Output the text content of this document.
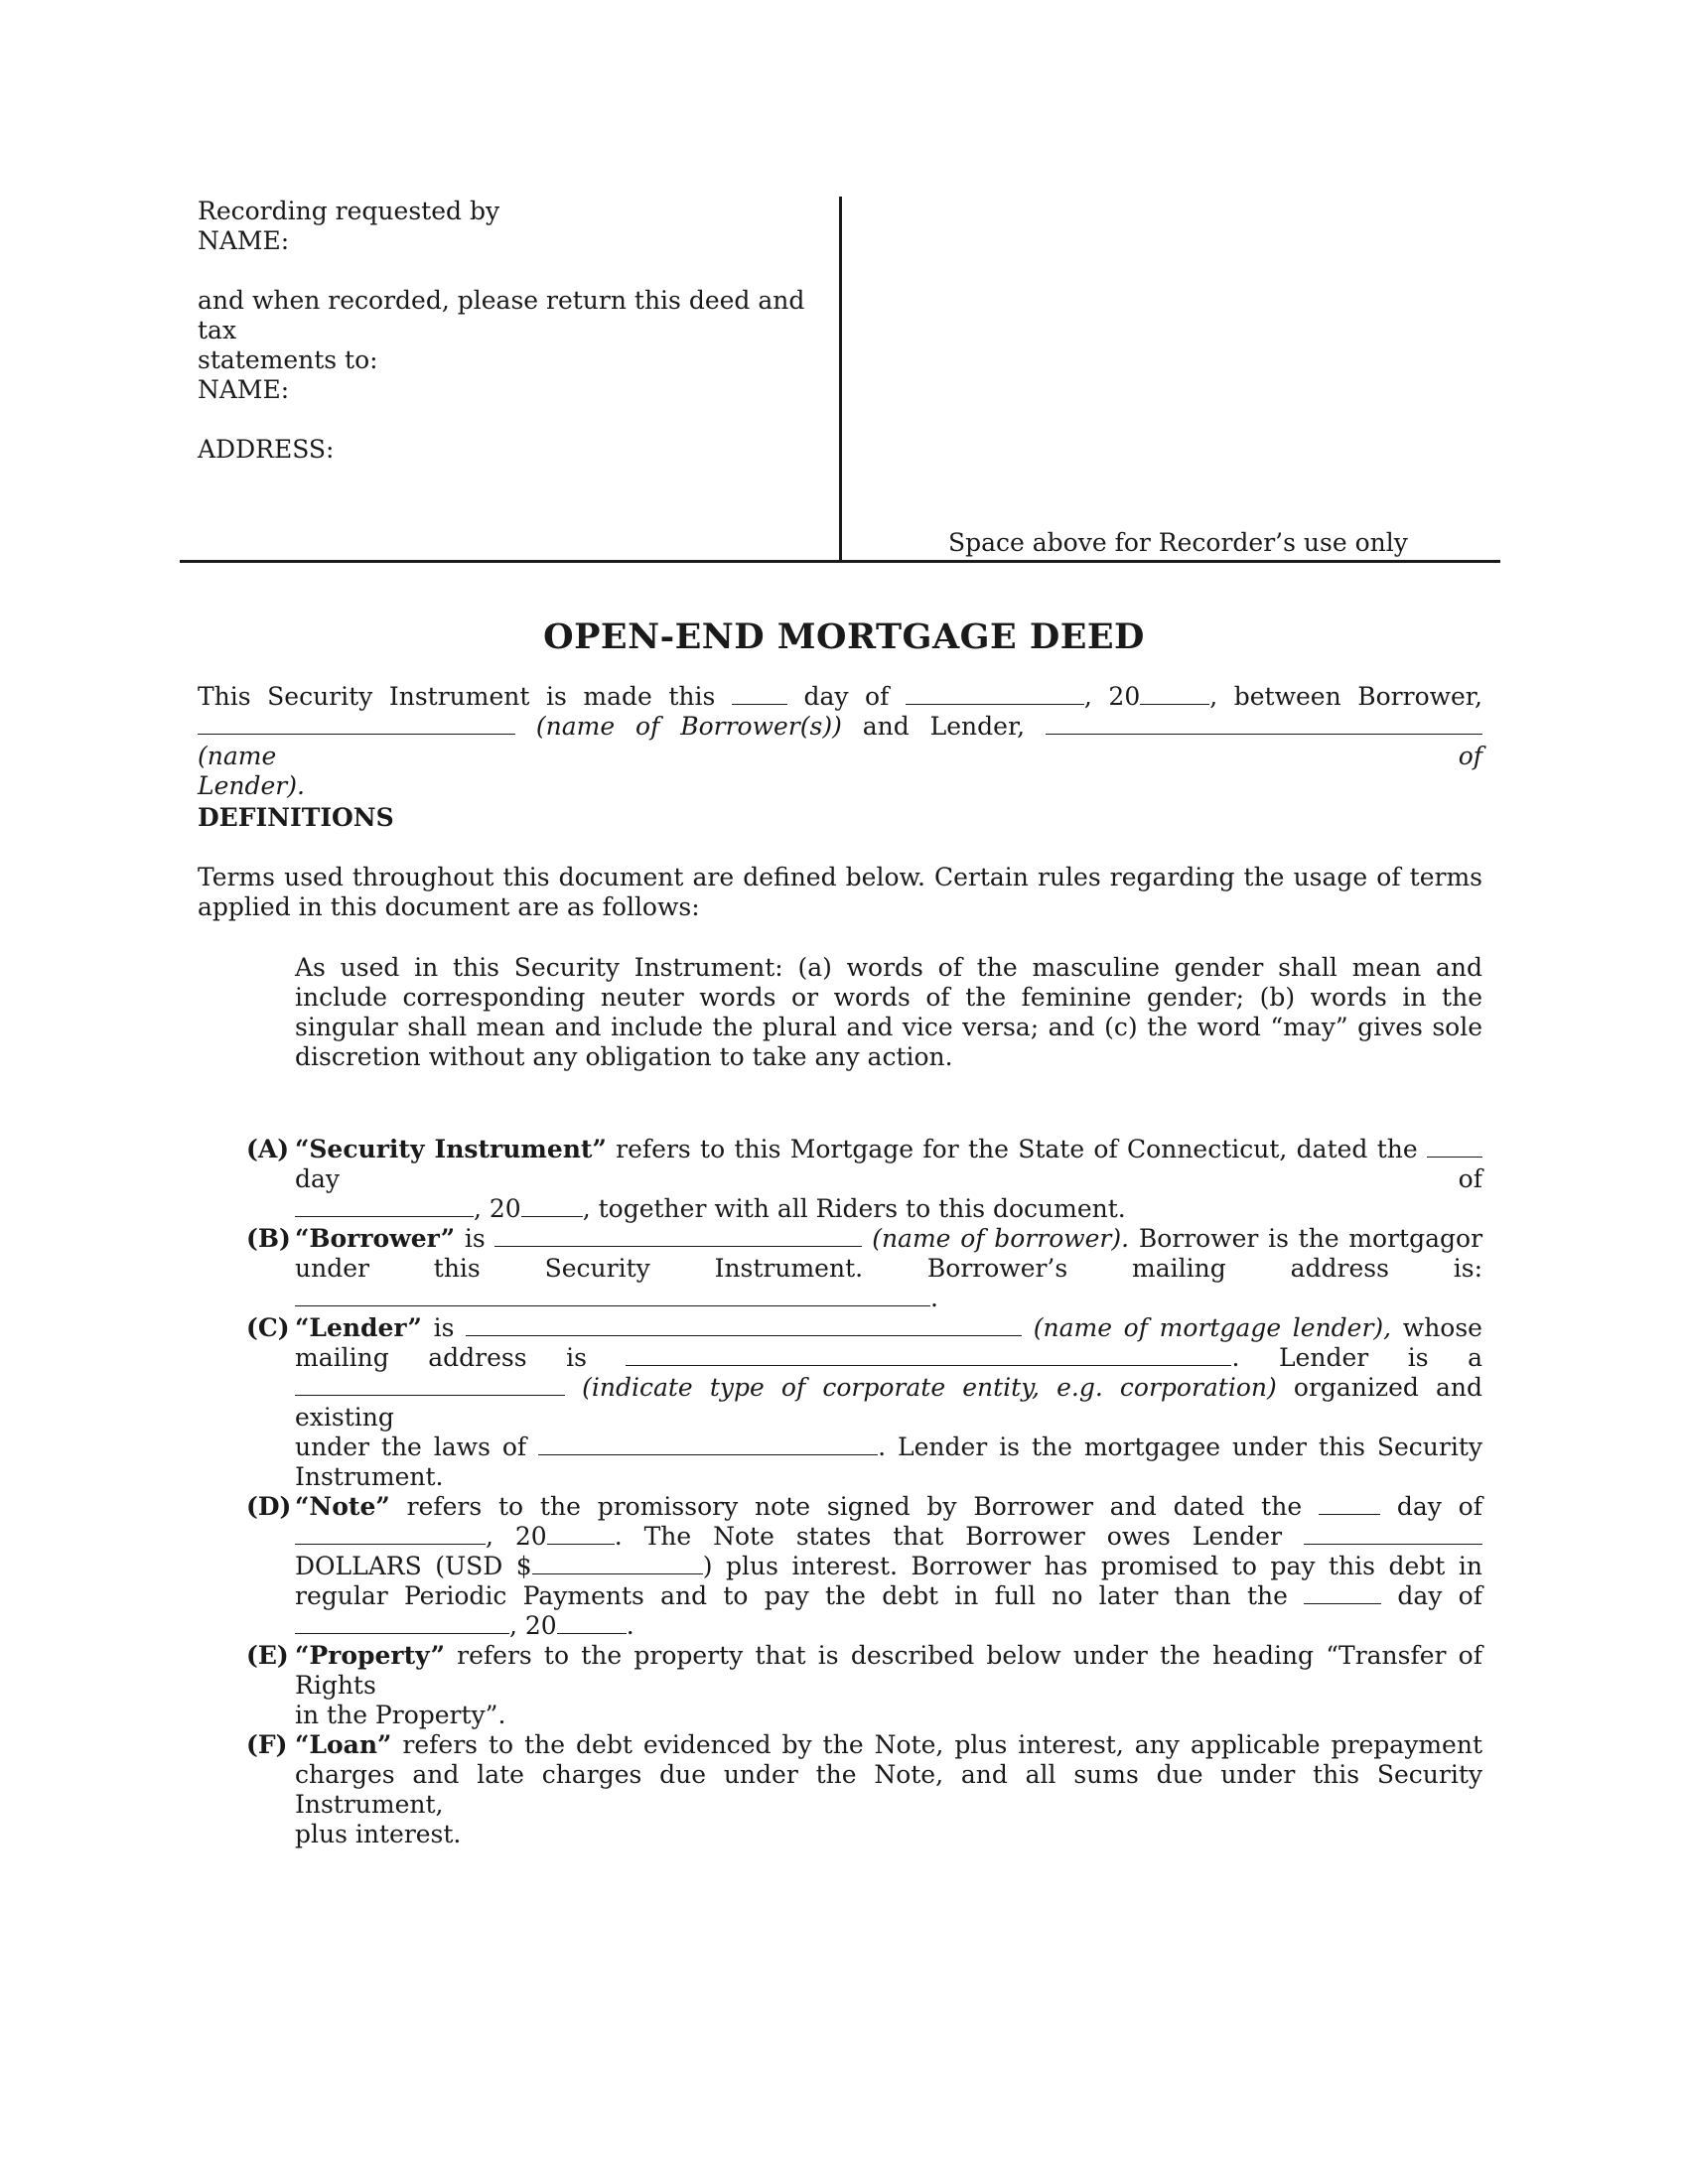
Recording requested by
NAME:
and when recorded, please return this deed and tax
statements to:
NAME:
ADDRESS:
Space above for Recorder’s use only
OPEN-END MORTGAGE DEED
This Security Instrument is made this	day of	, 20	, between Borrower,
(name of Borrower(s)) and Lender,  (name of
Lender).
DEFINITIONS
Terms used throughout this document are defined below. Certain rules regarding the usage of terms applied in this document are as follows:
As used in this Security Instrument: (a) words of the masculine gender shall mean and include corresponding neuter words or words of the feminine gender; (b) words in the singular shall mean and include the plural and vice versa; and (c) the word “may” gives sole discretion without any obligation to take any action.
(A) “Security Instrument” refers to this Mortgage for the State of Connecticut, dated the  day of
, 20 , together with all Riders to this document.
(B) “Borrower” is	(name of borrower). Borrower is the mortgagor
under this Security Instrument. Borrower’s mailing address is:
.
(C) “Lender” is	(name of mortgage lender), whose
mailing address is	. Lender is a
(indicate type of corporate entity, e.g. corporation) organized and existing
under the laws of	. Lender is the mortgagee under this Security
Instrument.
(D) “Note” refers to the promissory note signed by Borrower and dated the	day of
, 20	. The Note states that Borrower owes Lender
DOLLARS (USD $	) plus interest. Borrower has promised to pay this debt in
regular Periodic Payments and to pay the debt in full no later than the	day of
, 20	.
(E) “Property” refers to the property that is described below under the heading “Transfer of Rights
in the Property”.
(F) “Loan” refers to the debt evidenced by the Note, plus interest, any applicable prepayment
charges and late charges due under the Note, and all sums due under this Security Instrument,
plus interest.
